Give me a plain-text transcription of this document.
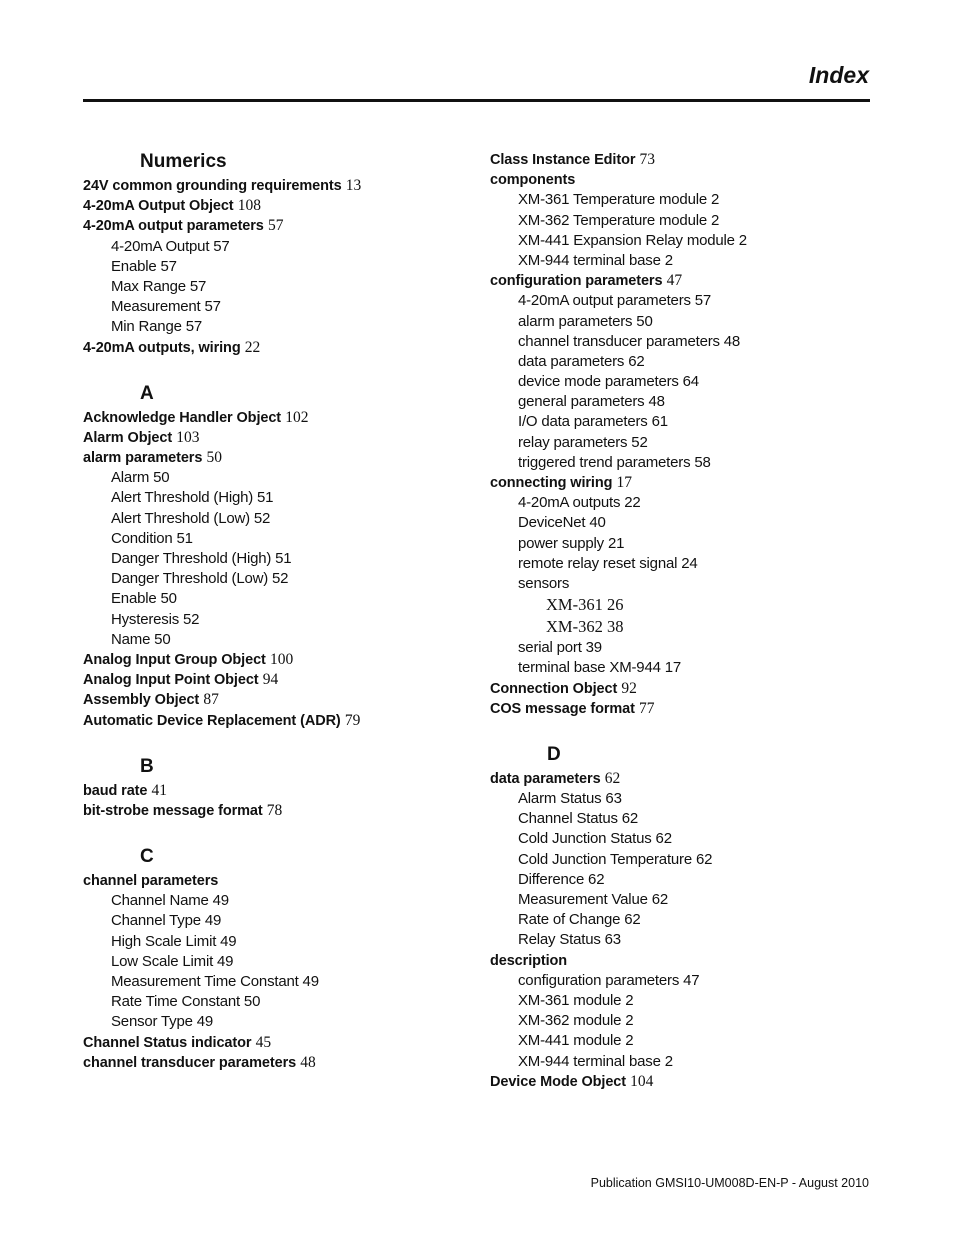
Index
Numerics
24V common grounding requirements 13
4-20mA Output Object 108
4-20mA output parameters 57
4-20mA Output 57
Enable 57
Max Range 57
Measurement 57
Min Range 57
4-20mA outputs, wiring 22
A
Acknowledge Handler Object 102
Alarm Object 103
alarm parameters 50
Alarm 50
Alert Threshold (High) 51
Alert Threshold (Low) 52
Condition 51
Danger Threshold (High) 51
Danger Threshold (Low) 52
Enable 50
Hysteresis 52
Name 50
Analog Input Group Object 100
Analog Input Point Object 94
Assembly Object 87
Automatic Device Replacement (ADR) 79
B
baud rate 41
bit-strobe message format 78
C
channel parameters
Channel Name 49
Channel Type 49
High Scale Limit 49
Low Scale Limit 49
Measurement Time Constant 49
Rate Time Constant 50
Sensor Type 49
Channel Status indicator 45
channel transducer parameters 48
Class Instance Editor 73
components
XM-361 Temperature module 2
XM-362 Temperature module 2
XM-441 Expansion Relay module 2
XM-944 terminal base 2
configuration parameters 47
4-20mA output parameters 57
alarm parameters 50
channel transducer parameters 48
data parameters 62
device mode parameters 64
general parameters 48
I/O data parameters 61
relay parameters 52
triggered trend parameters 58
connecting wiring 17
4-20mA outputs 22
DeviceNet 40
power supply 21
remote relay reset signal 24
sensors
XM-361 26
XM-362 38
serial port 39
terminal base XM-944 17
Connection Object 92
COS message format 77
D
data parameters 62
Alarm Status 63
Channel Status 62
Cold Junction Status 62
Cold Junction Temperature 62
Difference 62
Measurement Value 62
Rate of Change 62
Relay Status 63
description
configuration parameters 47
XM-361 module 2
XM-362 module 2
XM-441 module 2
XM-944 terminal base 2
Device Mode Object 104
Publication GMSI10-UM008D-EN-P - August 2010
